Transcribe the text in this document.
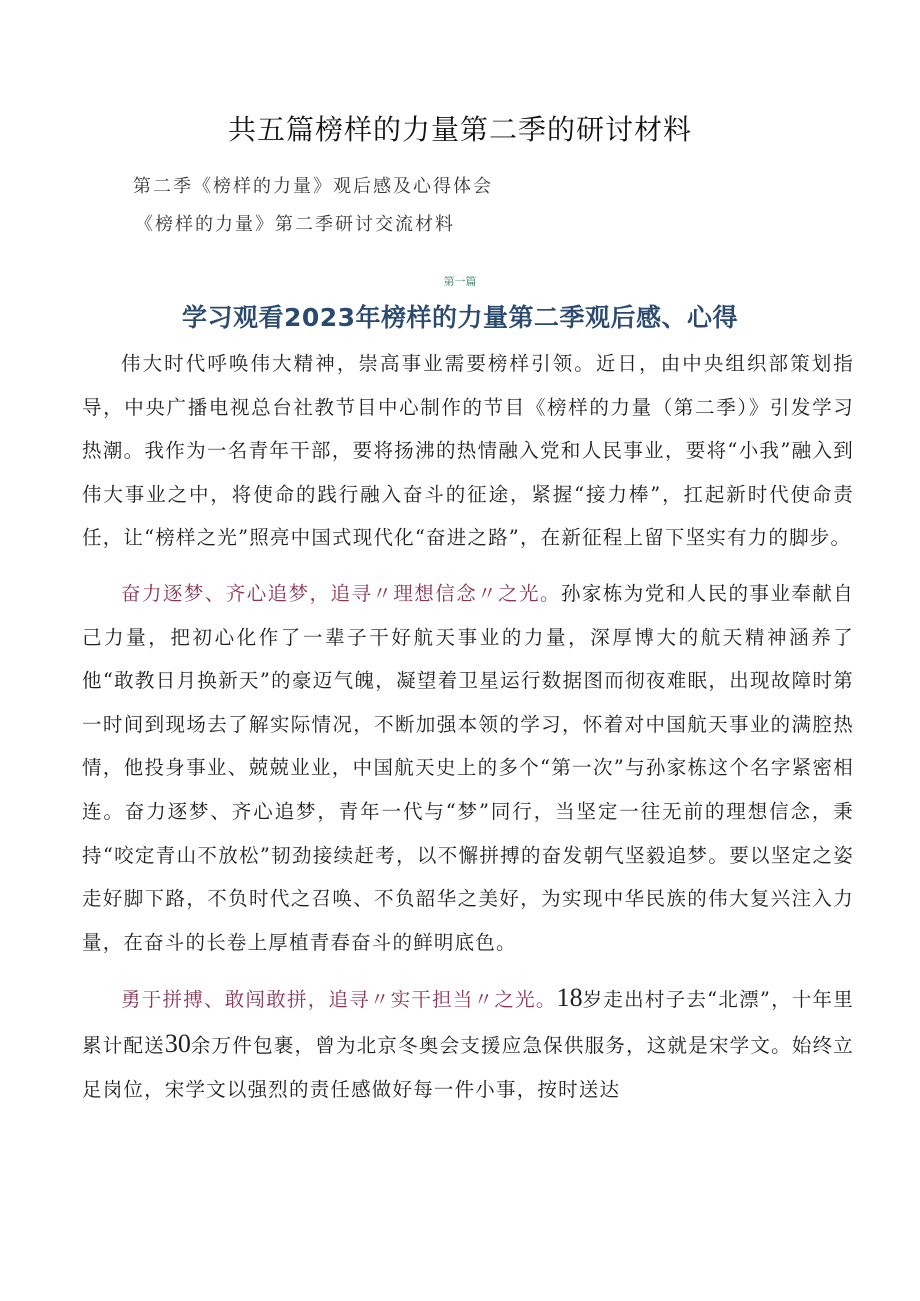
共五篇榜样的力量第二季的研讨材料
第二季《榜样的力量》观后感及心得体会
《榜样的力量》第二季研讨交流材料
第一篇
学习观看2023年榜样的力量第二季观后感、心得

伟大时代呼唤伟大精神，崇高事业需要榜样引领。近日，由中央组织部策划指导，中央广播电视总台社教节目中心制作的节目《榜样的力量（第二季）》引发学习热潮。我作为一名青年干部，要将扬沸的热情融入党和人民事业，要将“小我”融入到伟大事业之中，将使命的践行融入奋斗的征途，紧握“接力棒”，扛起新时代使命责任，让“榜样之光”照亮中国式现代化“奋进之路”，在新征程上留下坚实有力的脚步。

奋力逐梦、齐心追梦，追寻〃理想信念〃之光。孙家栋为党和人民的事业奉献自己力量，把初心化作了一辈子干好航天事业的力量，深厚博大的航天精神涵养了他“敢教日月换新天”的豪迈气魄，凝望着卫星运行数据图而彻夜难眠，出现故障时第一时间到现场去了解实际情况，不断加强本领的学习，怀着对中国航天事业的满腔热情，他投身事业、兢兢业业，中国航天史上的多个“第一次”与孙家栋这个名字紧密相连。奋力逐梦、齐心追梦，青年一代与“梦”同行，当坚定一往无前的理想信念，秉持“咬定青山不放松”韧劲接续赶考，以不懈拼搏的奋发朝气坚毅追梦。要以坚定之姿走好脚下路，不负时代之召唤、不负韶华之美好，为实现中华民族的伟大复兴注入力量，在奋斗的长卷上厚植青春奋斗的鲜明底色。

勇于拼搏、敢闯敢拼，追寻〃实干担当〃之光。18岁走出村子去“北漂”，十年里累计配送30余万件包裹，曾为北京冬奥会支援应急保供服务，这就是宋学文。始终立足岗位，宋学文以强烈的责任感做好每一件小事，按时送达
